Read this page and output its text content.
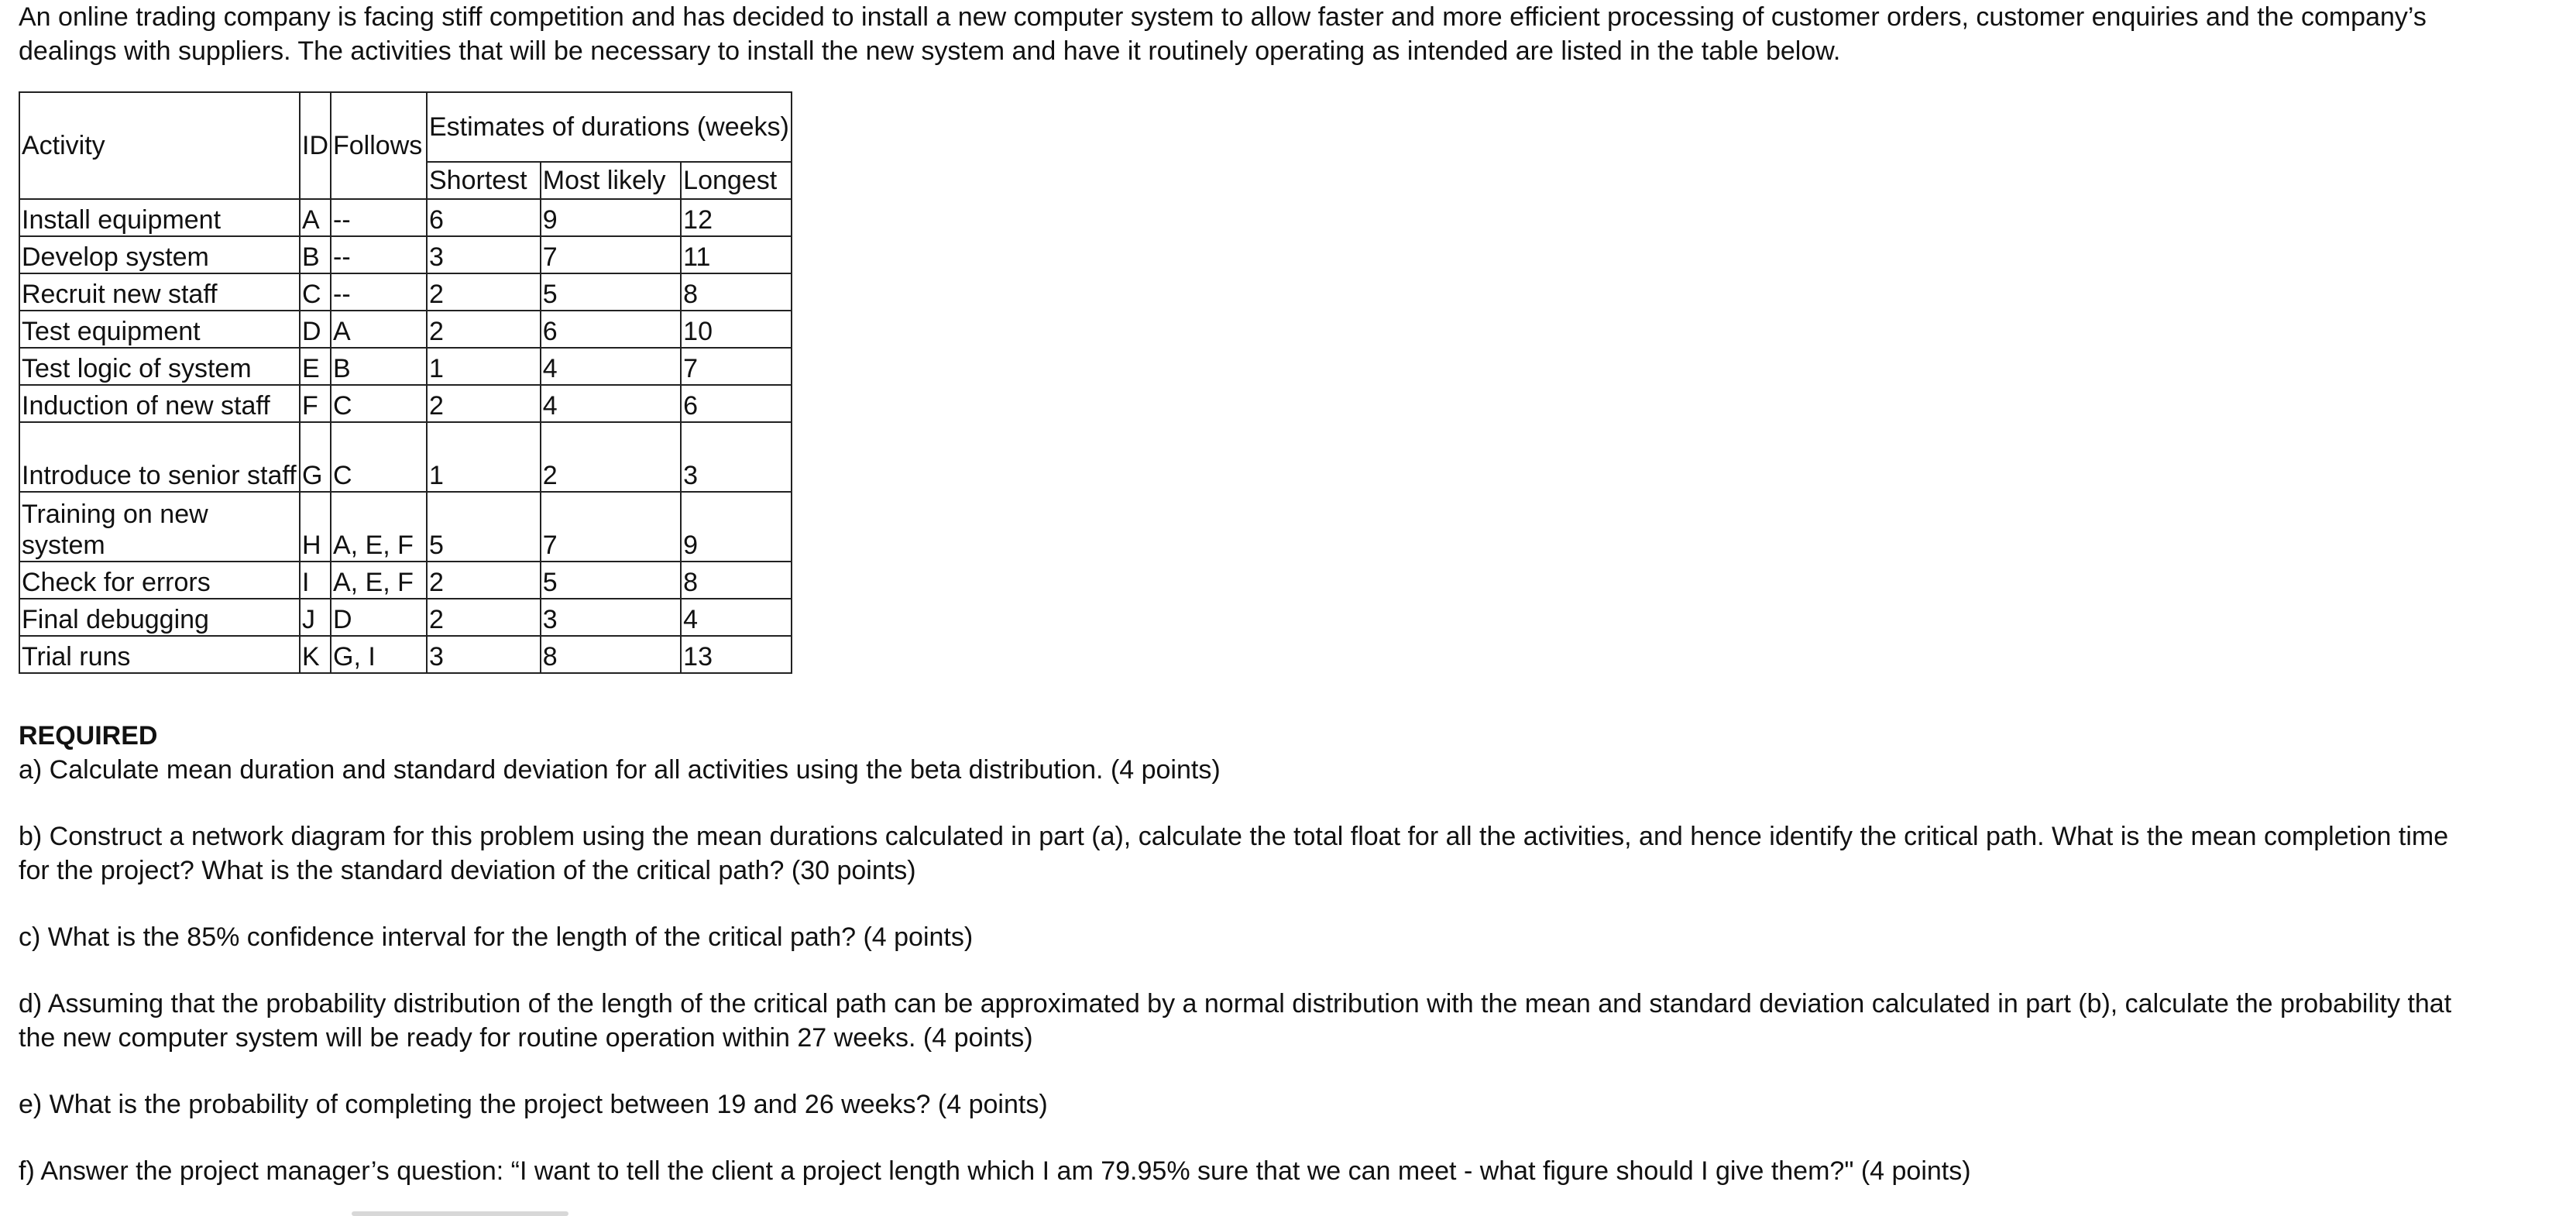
An online trading company is facing stiff competition and has decided to install a new computer system to allow faster and more efficient processing of customer orders, customer enquiries and the company’s
dealings with suppliers. The activities that will be necessary to install the new system and have it routinely operating as intended are listed in the table below.
Activity	ID	Follows	Estimates of durations (weeks)		
			Shortest	Most likely	Longest
Install equipment	A	--	6	9	12
Develop system	B	--	3	7	11
Recruit new staff	C	--	2	5	8
Test equipment	D	A	2	6	10
Test logic of system	E	B	1	4	7
Induction of new staff	F	C	2	4	6
Introduce to senior staff	G	C	1	2	3
Training on new system	H	A, E, F	5	7	9
Check for errors	I	A, E, F	2	5	8
Final debugging	J	D	2	3	4
Trial runs	K	G, I	3	8	13
REQUIRED
a) Calculate mean duration and standard deviation for all activities using the beta distribution. (4 points)
b) Construct a network diagram for this problem using the mean durations calculated in part (a), calculate the total float for all the activities, and hence identify the critical path. What is the mean completion time
for the project? What is the standard deviation of the critical path? (30 points)
c) What is the 85% confidence interval for the length of the critical path? (4 points)
d) Assuming that the probability distribution of the length of the critical path can be approximated by a normal distribution with the mean and standard deviation calculated in part (b), calculate the probability that
the new computer system will be ready for routine operation within 27 weeks. (4 points)
e) What is the probability of completing the project between 19 and 26 weeks? (4 points)
f) Answer the project manager’s question: “I want to tell the client a project length which I am 79.95% sure that we can meet - what figure should I give them?" (4 points)
